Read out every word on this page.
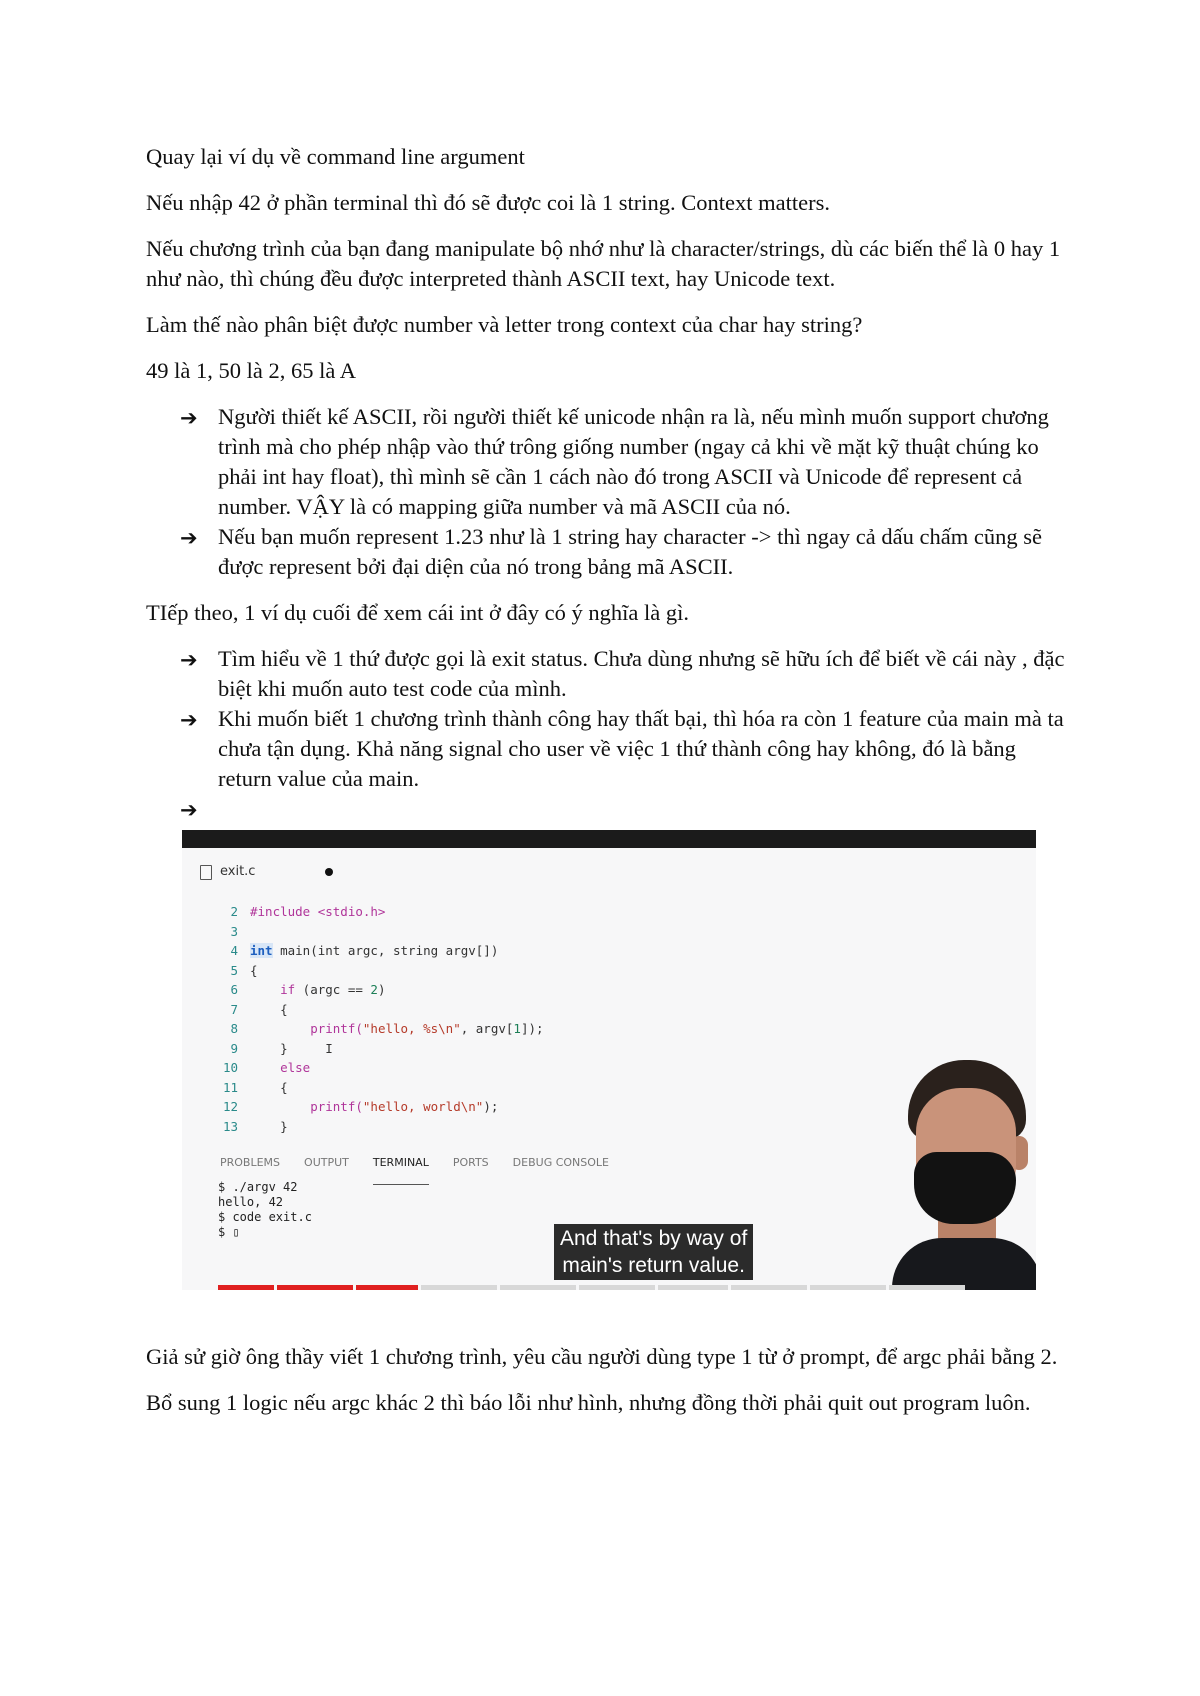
Quay lại ví dụ về command line argument

Nếu nhập 42 ở phần terminal thì đó sẽ được coi là 1 string. Context matters.

Nếu chương trình của bạn đang manipulate bộ nhớ như là character/strings, dù các biến thể là 0 hay 1 như nào, thì chúng đều được interpreted thành ASCII text, hay Unicode text.

Làm thế nào phân biệt được number và letter trong context của char hay string?

49 là 1, 50 là 2, 65 là A

➔ Người thiết kế ASCII, rồi người thiết kế unicode nhận ra là, nếu mình muốn support chương trình mà cho phép nhập vào thứ trông giống number (ngay cả khi về mặt kỹ thuật chúng ko phải int hay float), thì mình sẽ cần 1 cách nào đó trong ASCII và Unicode để represent cả number. VẬY là có mapping giữa number và mã ASCII của nó.
➔ Nếu bạn muốn represent 1.23 như là 1 string hay character -> thì ngay cả dấu chấm cũng sẽ được represent bởi đại diện của nó trong bảng mã ASCII.

TIếp theo, 1 ví dụ cuối để xem cái int ở đây có ý nghĩa là gì.

➔ Tìm hiểu về 1 thứ được gọi là exit status. Chưa dùng nhưng sẽ hữu ích để biết về cái này , đặc biệt khi muốn auto test code của mình.
➔ Khi muốn biết 1 chương trình thành công hay thất bại, thì hóa ra còn 1 feature của main mà ta chưa tận dụng. Khả năng signal cho user về việc 1 thứ thành công hay không, đó là bằng return value của main.
➔
exit.c
2 #include <stdio.h>
3
4 int main(int argc, string argv[])
5 {
6    if (argc == 2)
7    {
8        printf("hello, %s\n", argv[1]);
9    }     I
10    else
11    {
12        printf("hello, world\n");
13    }
PROBLEMS OUTPUT TERMINAL PORTS DEBUG CONSOLE
$ ./argv 42
hello, 42
$ code exit.c
$ ▯	And that's by way of
main's return value.

Giả sử giờ ông thầy viết 1 chương trình, yêu cầu người dùng type 1 từ ở prompt, để argc phải bằng 2.

Bổ sung 1 logic nếu argc khác 2 thì báo lỗi như hình, nhưng đồng thời phải quit out program luôn.
